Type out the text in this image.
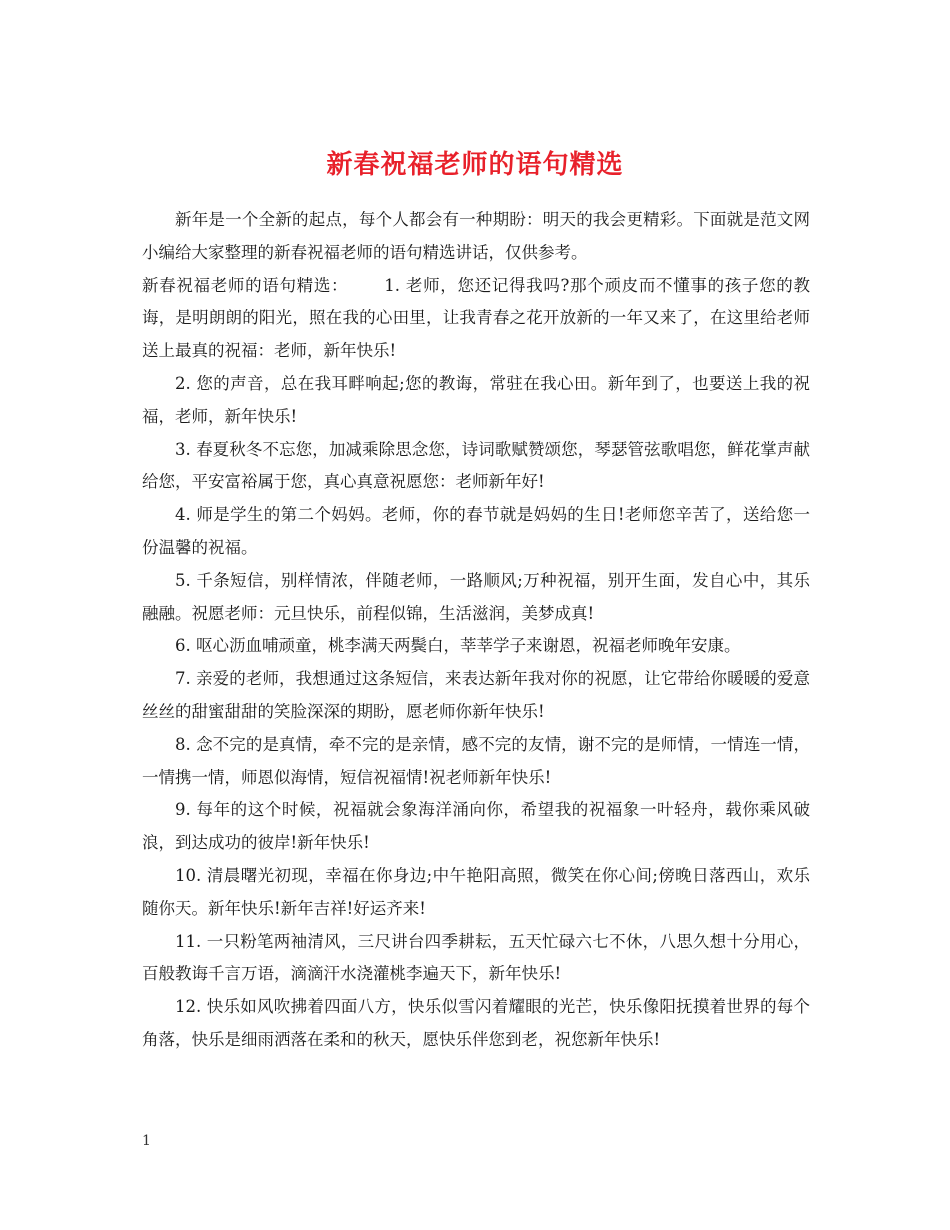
新春祝福老师的语句精选

新年是一个全新的起点，每个人都会有一种期盼：明天的我会更精彩。下面就是范文网小编给大家整理的新春祝福老师的语句精选讲话，仅供参考。

新春祝福老师的语句精选： 1. 老师，您还记得我吗?那个顽皮而不懂事的孩子您的教诲，是明朗朗的阳光，照在我的心田里，让我青春之花开放新的一年又来了，在这里给老师送上最真的祝福：老师，新年快乐!

2. 您的声音，总在我耳畔响起;您的教诲，常驻在我心田。新年到了，也要送上我的祝福，老师，新年快乐!

3. 春夏秋冬不忘您，加减乘除思念您，诗词歌赋赞颂您，琴瑟管弦歌唱您，鲜花掌声献给您，平安富裕属于您，真心真意祝愿您：老师新年好!

4. 师是学生的第二个妈妈。老师，你的春节就是妈妈的生日!老师您辛苦了，送给您一份温馨的祝福。

5. 千条短信，别样情浓，伴随老师，一路顺风;万种祝福，别开生面，发自心中，其乐融融。祝愿老师：元旦快乐，前程似锦，生活滋润，美梦成真!

6. 呕心沥血哺顽童，桃李满天两鬓白，莘莘学子来谢恩，祝福老师晚年安康。

7. 亲爱的老师，我想通过这条短信，来表达新年我对你的祝愿，让它带给你暖暖的爱意丝丝的甜蜜甜甜的笑脸深深的期盼，愿老师你新年快乐!

8. 念不完的是真情，牵不完的是亲情，感不完的友情，谢不完的是师情，一情连一情，一情携一情，师恩似海情，短信祝福情!祝老师新年快乐!

9. 每年的这个时候，祝福就会象海洋涌向你，希望我的祝福象一叶轻舟，载你乘风破浪，到达成功的彼岸!新年快乐!

10. 清晨曙光初现，幸福在你身边;中午艳阳高照，微笑在你心间;傍晚日落西山，欢乐随你天。新年快乐!新年吉祥!好运齐来!

11. 一只粉笔两袖清风，三尺讲台四季耕耘，五天忙碌六七不休，八思久想十分用心，百般教诲千言万语，滴滴汗水浇灌桃李遍天下，新年快乐!

12. 快乐如风吹拂着四面八方，快乐似雪闪着耀眼的光芒，快乐像阳抚摸着世界的每个角落，快乐是细雨洒落在柔和的秋天，愿快乐伴您到老，祝您新年快乐!

1
